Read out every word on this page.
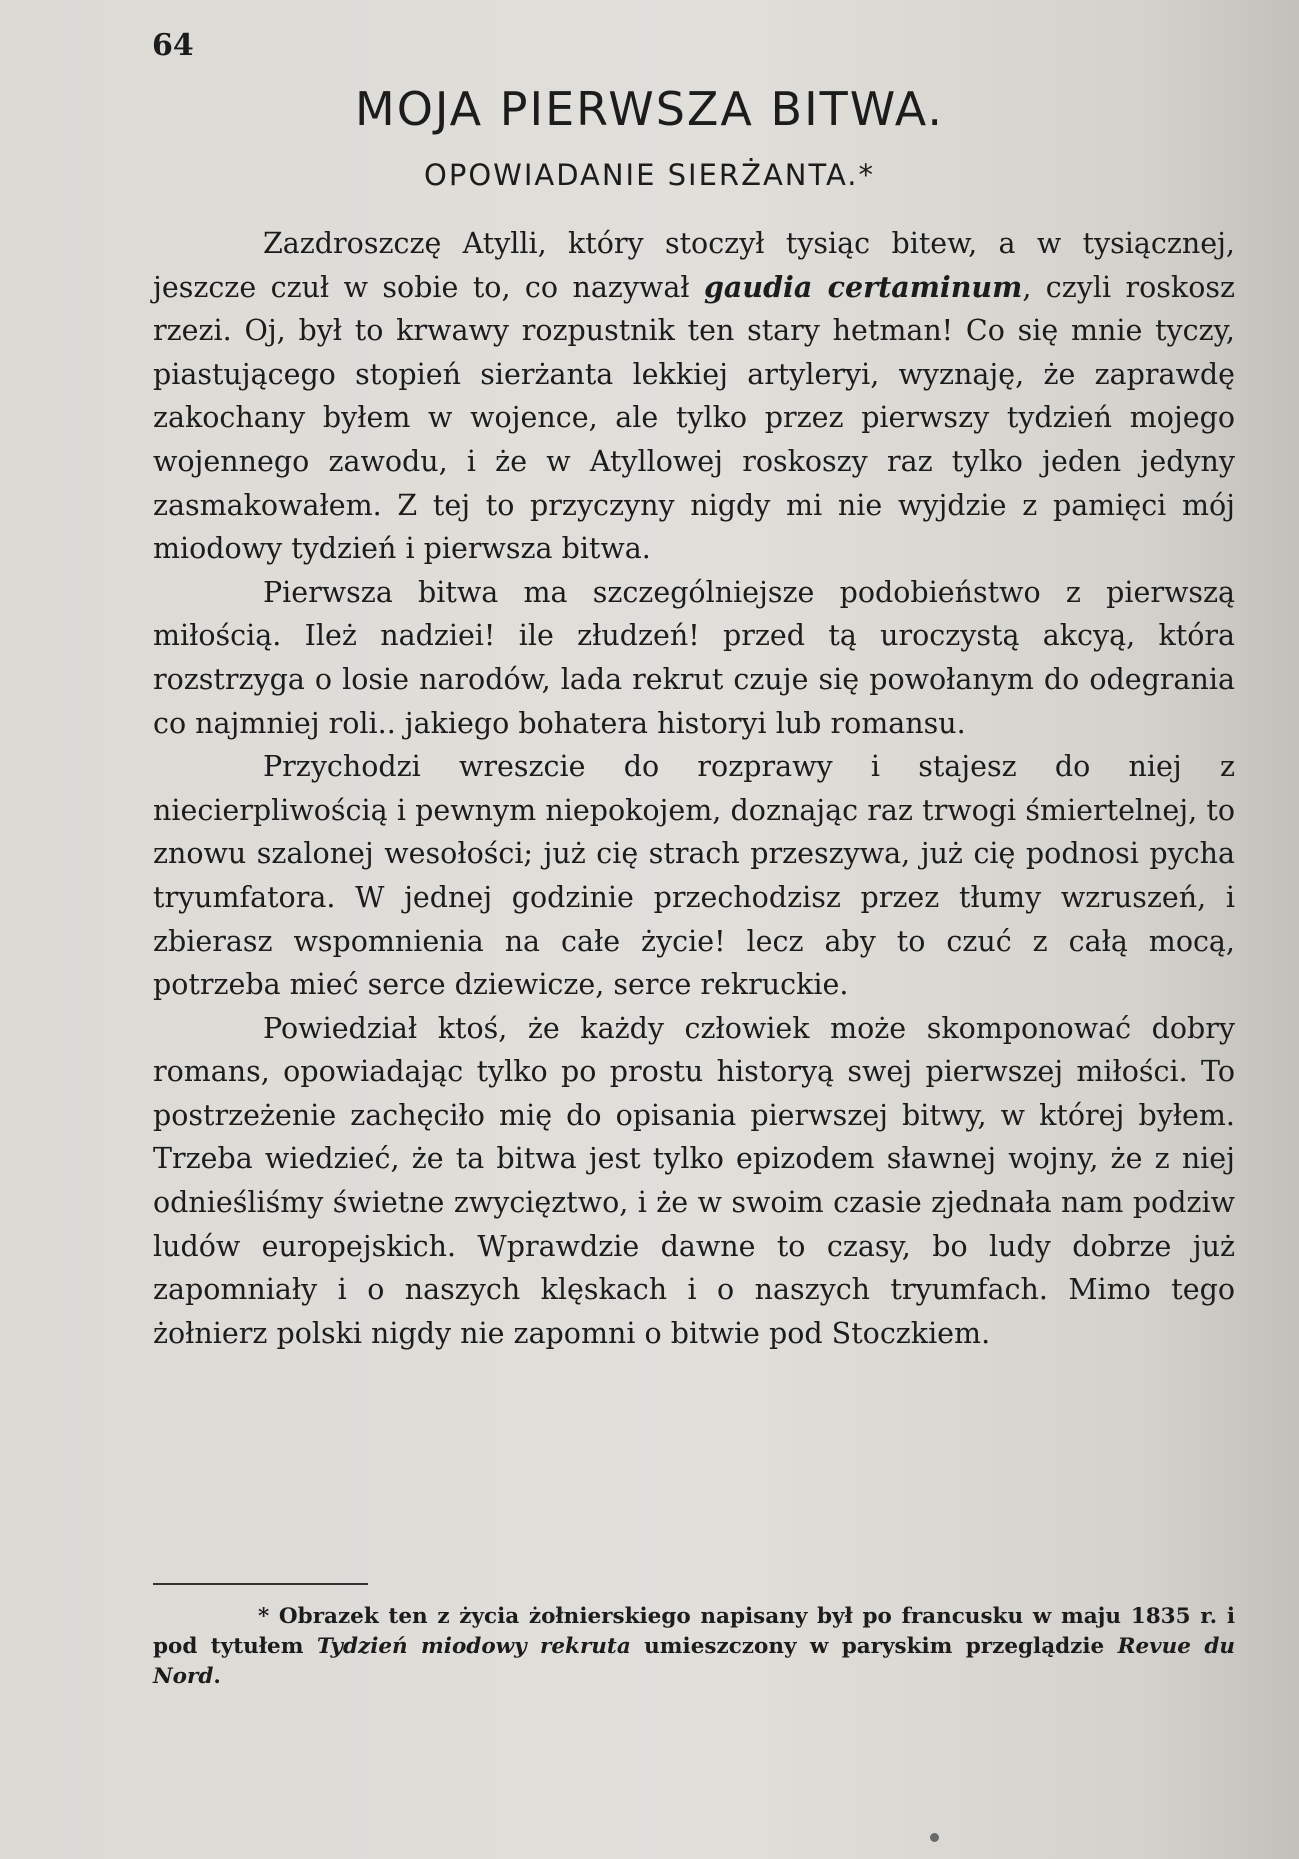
64
MOJA PIERWSZA BITWA.
OPOWIADANIE SIERŻANTA.*

Zazdroszczę Atylli, który stoczył tysiąc bitew, a w tysiącznej, jeszcze czuł w sobie to, co nazywał gaudia certaminum, czyli roskosz rzezi. Oj, był to krwawy rozpustnik ten stary hetman! Co się mnie tyczy, piastującego stopień sierżanta lekkiej artyleryi, wyznaję, że zaprawdę zakochany byłem w wojence, ale tylko przez pierwszy tydzień mojego wojennego zawodu, i że w Atyllowej roskoszy raz tylko jeden jedyny zasmakowałem. Z tej to przyczyny nigdy mi nie wyjdzie z pamięci mój miodowy tydzień i pierwsza bitwa.

Pierwsza bitwa ma szczególniejsze podobieństwo z pierwszą miłością. Ileż nadziei! ile złudzeń! przed tą uroczystą akcyą, która rozstrzyga o losie narodów, lada rekrut czuje się powołanym do odegrania co najmniej roli.. jakiego bohatera historyi lub romansu.

Przychodzi wreszcie do rozprawy i stajesz do niej z niecierpliwością i pewnym niepokojem, doznając raz trwogi śmiertelnej, to znowu szalonej wesołości; już cię strach przeszywa, już cię podnosi pycha tryumfatora. W jednej godzinie przechodzisz przez tłumy wzruszeń, i zbierasz wspomnienia na całe życie! lecz aby to czuć z całą mocą, potrzeba mieć serce dziewicze, serce rekruckie.

Powiedział ktoś, że każdy człowiek może skomponować dobry romans, opowiadając tylko po prostu historyą swej pierwszej miłości. To postrzeżenie zachęciło mię do opisania pierwszej bitwy, w której byłem. Trzeba wiedzieć, że ta bitwa jest tylko epizodem sławnej wojny, że z niej odnieśliśmy świetne zwycięztwo, i że w swoim czasie zjednała nam podziw ludów europejskich. Wprawdzie dawne to czasy, bo ludy dobrze już zapomniały i o naszych klęskach i o naszych tryumfach. Mimo tego żołnierz polski nigdy nie zapomni o bitwie pod Stoczkiem.

* Obrazek ten z życia żołnierskiego napisany był po francusku w maju 1835 r. i pod tytułem Tydzień miodowy rekruta umieszczony w paryskim przeglądzie Revue du Nord.
